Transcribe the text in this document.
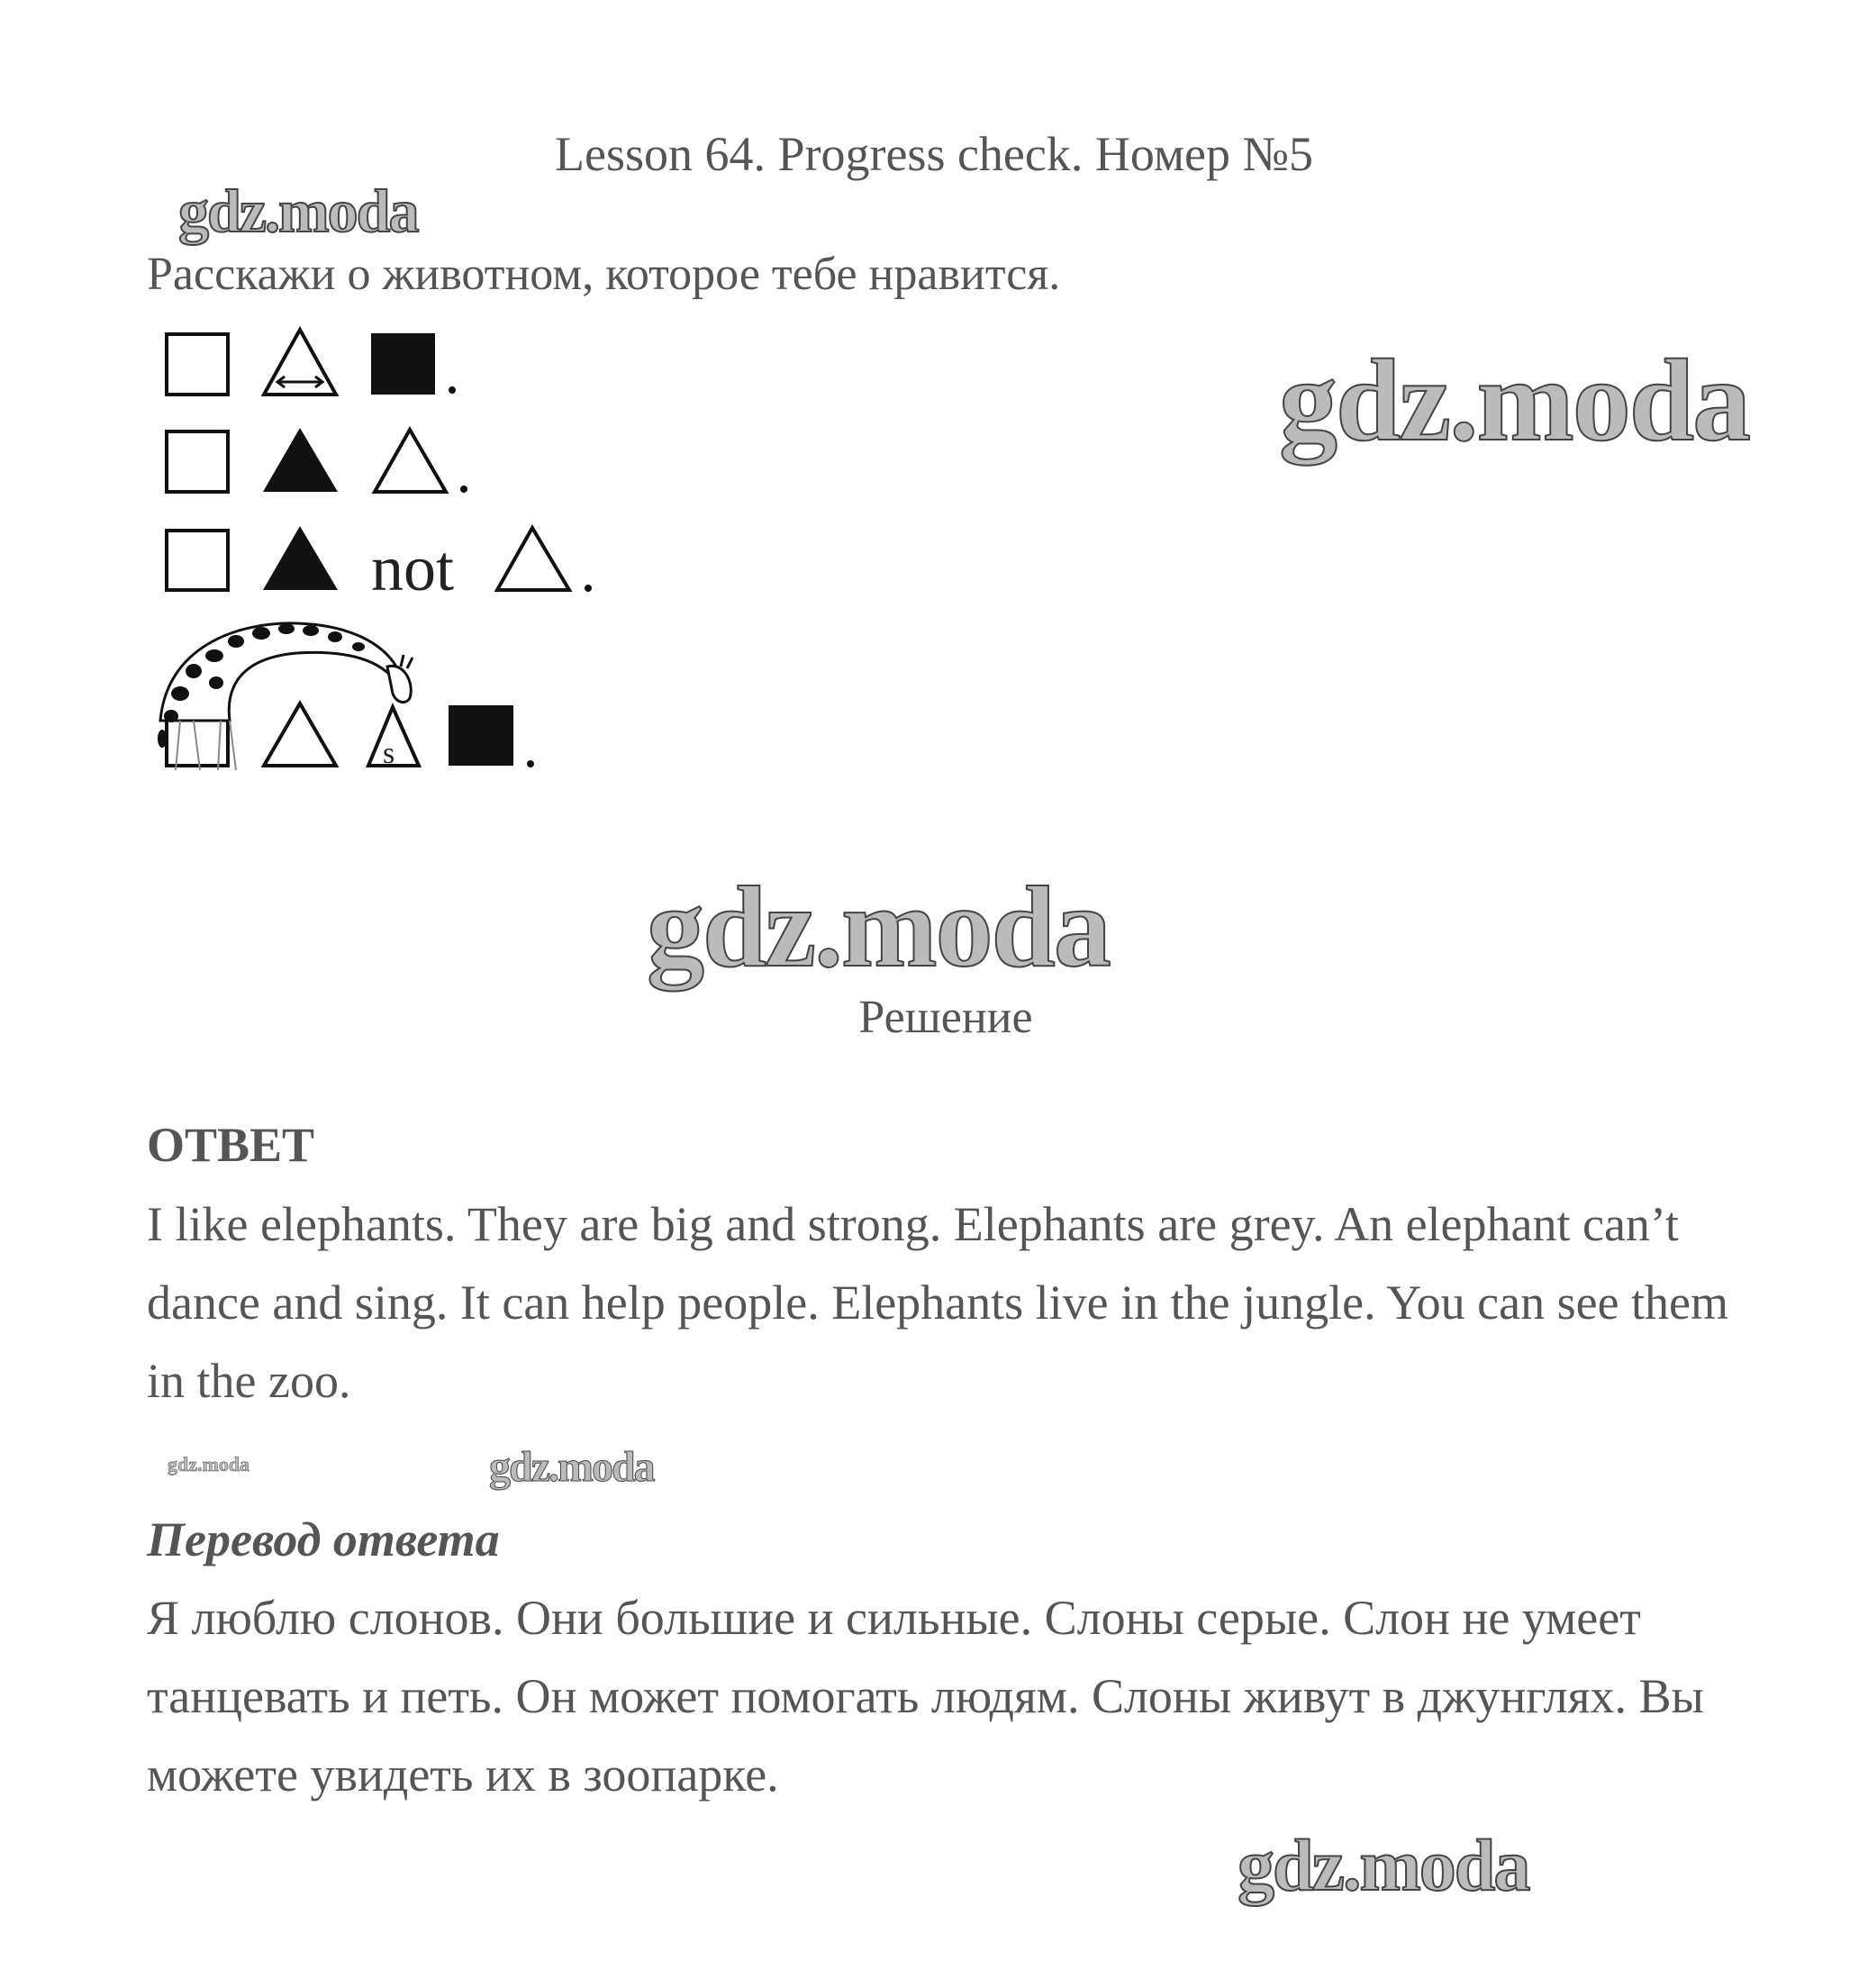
Lesson 64. Progress check. Номер №5
gdz.moda
Расскажи о животном, которое тебе нравится.
gdz.moda
not
s
gdz.moda
Решение
ОТВЕТ
I like elephants. They are big and strong. Elephants are grey. An elephant can’t dance and sing. It can help people. Elephants live in the jungle. You can see them in the zoo.
gdz.moda	gdz.moda
Перевод ответа
Я люблю слонов. Они большие и сильные. Слоны серые. Слон не умеет танцевать и петь. Он может помогать людям. Слоны живут в джунглях. Вы можете увидеть их в зоопарке.
gdz.moda
